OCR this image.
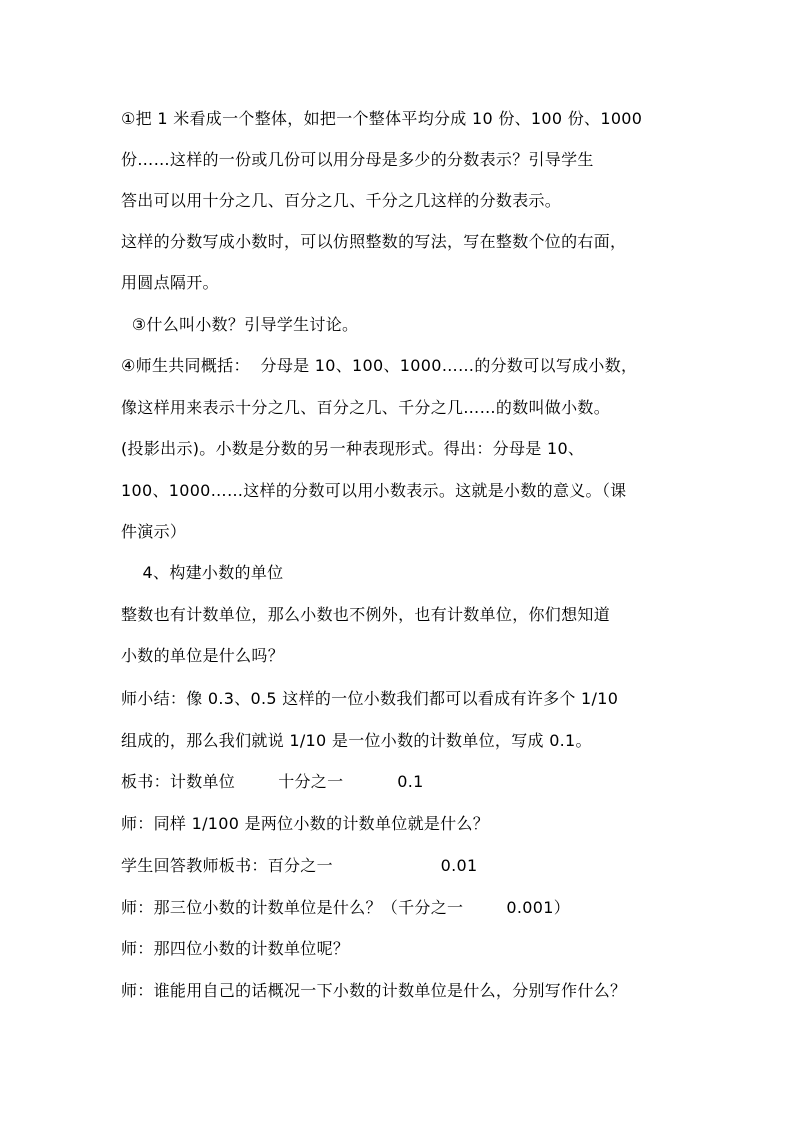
①把 1 米看成一个整体，如把一个整体平均分成 10 份、100 份、1000
份……这样的一份或几份可以用分母是多少的分数表示？引导学生
答出可以用十分之几、百分之几、千分之几这样的分数表示。
这样的分数写成小数时，可以仿照整数的写法，写在整数个位的右面，
用圆点隔开。
③什么叫小数？引导学生讨论。
④师生共同概括：  分母是 10、100、1000……的分数可以写成小数，
像这样用来表示十分之几、百分之几、千分之几……的数叫做小数。
(投影出示)。小数是分数的另一种表现形式。得出：分母是 10、
100、1000……这样的分数可以用小数表示。这就是小数的意义。（课
件演示）
4、构建小数的单位
整数也有计数单位，那么小数也不例外，也有计数单位，你们想知道
小数的单位是什么吗？
师小结：像 0.3、0.5 这样的一位小数我们都可以看成有许多个 1/10
组成的，那么我们就说 1/10 是一位小数的计数单位，写成 0.1。
板书：计数单位        十分之一          0.1
师：同样 1/100 是两位小数的计数单位就是什么？
学生回答教师板书：百分之一                    0.01
师：那三位小数的计数单位是什么？（千分之一        0.001）
师：那四位小数的计数单位呢？
师：谁能用自己的话概况一下小数的计数单位是什么，分别写作什么？
